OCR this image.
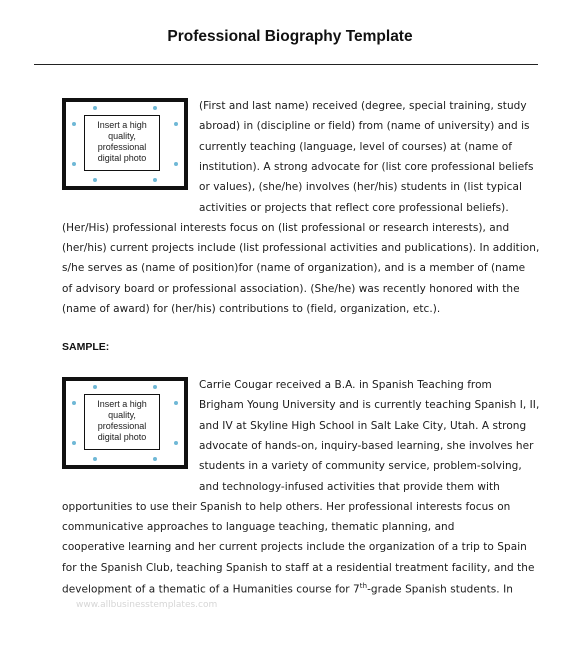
Professional Biography Template
Insert a high quality, professional digital photo
(First and last name) received (degree, special training, study
abroad) in (discipline or field) from (name of university) and is
currently teaching (language, level of courses) at (name of
institution). A strong advocate for (list core professional beliefs
or values), (she/he) involves (her/his) students in (list typical
activities or projects that reflect core professional beliefs).
(Her/His) professional interests focus on (list professional or research interests), and
(her/his) current projects include (list professional activities and publications). In addition,
s/he serves as (name of position)for (name of organization), and is a member of (name
of advisory board or professional association). (She/he) was recently honored with the
(name of award) for (her/his) contributions to (field, organization, etc.).
SAMPLE:
Insert a high quality, professional digital photo
Carrie Cougar received a B.A. in Spanish Teaching from
Brigham Young University and is currently teaching Spanish I, II,
and IV at Skyline High School in Salt Lake City, Utah. A strong
advocate of hands-on, inquiry-based learning, she involves her
students in a variety of community service, problem-solving,
and technology-infused activities that provide them with
opportunities to use their Spanish to help others. Her professional interests focus on
communicative approaches to language teaching, thematic planning, and
cooperative learning and her current projects include the organization of a trip to Spain
for the Spanish Club, teaching Spanish to staff at a residential treatment facility, and the
development of a thematic of a Humanities course for 7th-grade Spanish students. In
www.allbusinesstemplates.com
